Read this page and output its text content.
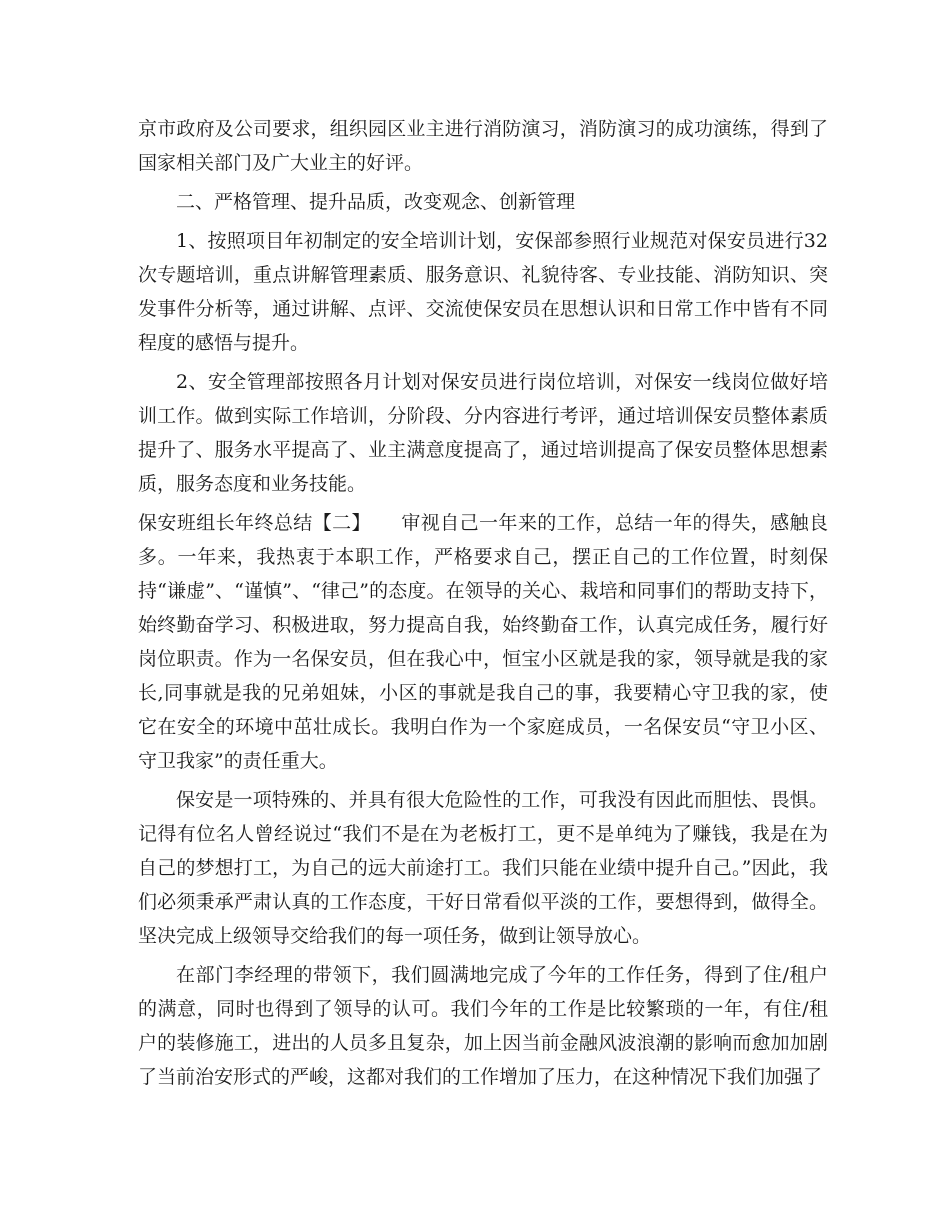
京市政府及公司要求，组织园区业主进行消防演习，消防演习的成功演练，得到了国家相关部门及广大业主的好评。

二、严格管理、提升品质，改变观念、创新管理

1、按照项目年初制定的安全培训计划，安保部参照行业规范对保安员进行32次专题培训，重点讲解管理素质、服务意识、礼貌待客、专业技能、消防知识、突发事件分析等，通过讲解、点评、交流使保安员在思想认识和日常工作中皆有不同程度的感悟与提升。

2、安全管理部按照各月计划对保安员进行岗位培训，对保安一线岗位做好培训工作。做到实际工作培训，分阶段、分内容进行考评，通过培训保安员整体素质提升了、服务水平提高了、业主满意度提高了，通过培训提高了保安员整体思想素质，服务态度和业务技能。

保安班组长年终总结【二】 审视自己一年来的工作，总结一年的得失，感触良多。一年来，我热衷于本职工作，严格要求自己，摆正自己的工作位置，时刻保持“谦虚”、“谨慎”、“律己”的态度。在领导的关心、栽培和同事们的帮助支持下，始终勤奋学习、积极进取，努力提高自我，始终勤奋工作，认真完成任务，履行好岗位职责。作为一名保安员，但在我心中，恒宝小区就是我的家，领导就是我的家长,同事就是我的兄弟姐妹，小区的事就是我自己的事，我要精心守卫我的家，使它在安全的环境中茁壮成长。我明白作为一个家庭成员，一名保安员“守卫小区、守卫我家”的责任重大。

保安是一项特殊的、并具有很大危险性的工作，可我没有因此而胆怯、畏惧。记得有位名人曾经说过“我们不是在为老板打工，更不是单纯为了赚钱，我是在为自己的梦想打工，为自己的远大前途打工。我们只能在业绩中提升自己。”因此，我们必须秉承严肃认真的工作态度，干好日常看似平淡的工作，要想得到，做得全。坚决完成上级领导交给我们的每一项任务，做到让领导放心。

在部门李经理的带领下，我们圆满地完成了今年的工作任务，得到了住/租户的满意，同时也得到了领导的认可。我们今年的工作是比较繁琐的一年，有住/租户的装修施工，进出的人员多且复杂，加上因当前金融风波浪潮的影响而愈加加剧了当前治安形式的严峻，这都对我们的工作增加了压力，在这种情况下我们加强了
